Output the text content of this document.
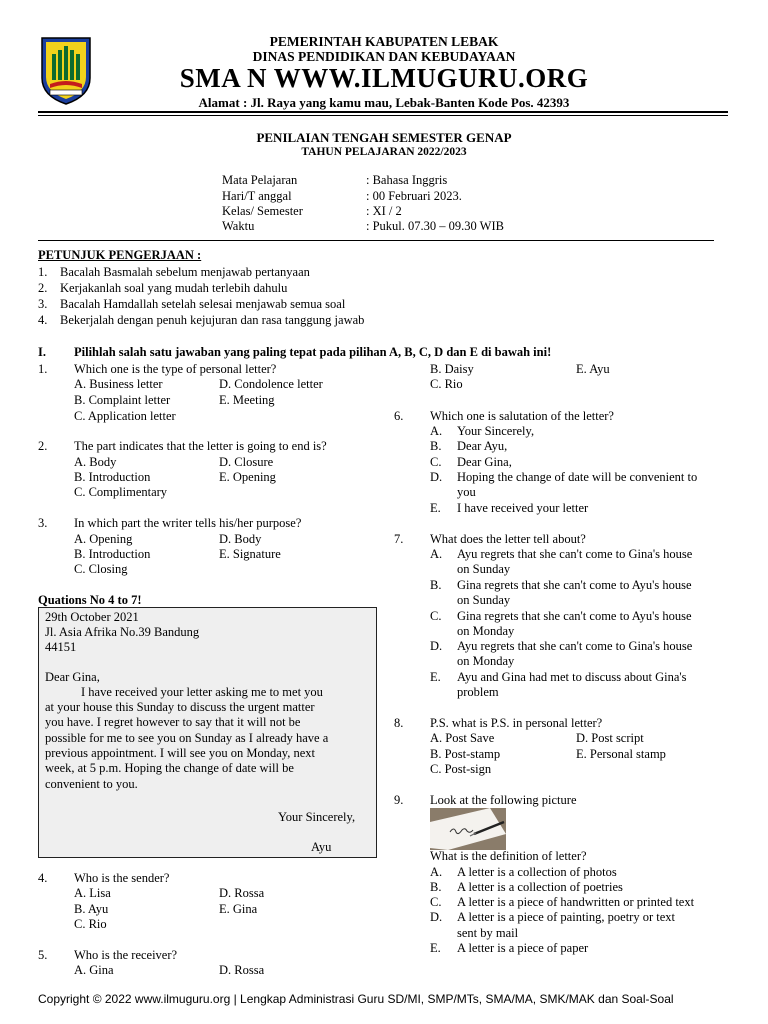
PEMERINTAH KABUPATEN LEBAK
DINAS PENDIDIKAN DAN KEBUDAYAAN
SMA N WWW.ILMUGURU.ORG
Alamat : Jl. Raya yang kamu mau, Lebak-Banten Kode Pos. 42393
PENILAIAN TENGAH SEMESTER GENAP
TAHUN PELAJARAN 2022/2023
Mata Pelajaran	: Bahasa Inggris
Hari/T anggal	: 00 Februari 2023.
Kelas/ Semester	: XI / 2
Waktu	: Pukul. 07.30 – 09.30 WIB
PETUNJUK PENGERJAAN :
1. Bacalah Basmalah sebelum menjawab pertanyaan
2. Kerjakanlah soal yang mudah terlebih dahulu
3. Bacalah Hamdallah setelah selesai menjawab semua soal
4. Bekerjalah dengan penuh kejujuran dan rasa tanggung jawab
I. Pilihlah salah satu jawaban yang paling tepat pada pilihan A, B, C, D dan E di bawah ini!
1. Which one is the type of personal letter?
A. Business letter	D. Condolence letter
B. Complaint letter	E. Meeting
C. Application letter
2. The part indicates that the letter is going to end is?
A. Body	D. Closure
B. Introduction	E. Opening
C. Complimentary
3. In which part the writer tells his/her purpose?
A. Opening	D. Body
B. Introduction	E. Signature
C. Closing
Quations No 4 to 7!
29th October 2021
Jl. Asia Afrika No.39 Bandung
44151
Dear Gina,
I have received your letter asking me to met you
at your house this Sunday to discuss the urgent matter
you have. I regret however to say that it will not be
possible for me to see you on Sunday as I already have a
previous appointment. I will see you on Monday, next
week, at 5 p.m. Hoping the change of date will be
convenient to you.
Your Sincerely,
Ayu
4. Who is the sender?
A. Lisa	D. Rossa
B. Ayu	E. Gina
C. Rio
5. Who is the receiver?
A. Gina	D. Rossa
B. Daisy	E. Ayu
C. Rio
6. Which one is salutation of the letter?
A. Your Sincerely,
B. Dear Ayu,
C. Dear Gina,
D. Hoping the change of date will be convenient to
you
E. I have received your letter
7. What does the letter tell about?
A. Ayu regrets that she can't come to Gina's house
on Sunday
B. Gina regrets that she can't come to Ayu's house
on Sunday
C. Gina regrets that she can't come to Ayu's house
on Monday
D. Ayu regrets that she can't come to Gina's house
on Monday
E. Ayu and Gina had met to discuss about Gina's
problem
8. P.S. what is P.S. in personal letter?
A. Post Save	D. Post script
B. Post-stamp	E. Personal stamp
C. Post-sign
9. Look at the following picture
What is the definition of letter?
A. A letter is a collection of photos
B. A letter is a collection of poetries
C. A letter is a piece of handwritten or printed text
D. A letter is a piece of painting, poetry or text
sent by mail
E. A letter is a piece of paper
Copyright © 2022 www.ilmuguru.org | Lengkap Administrasi Guru SD/MI, SMP/MTs, SMA/MA, SMK/MAK dan Soal-Soal
